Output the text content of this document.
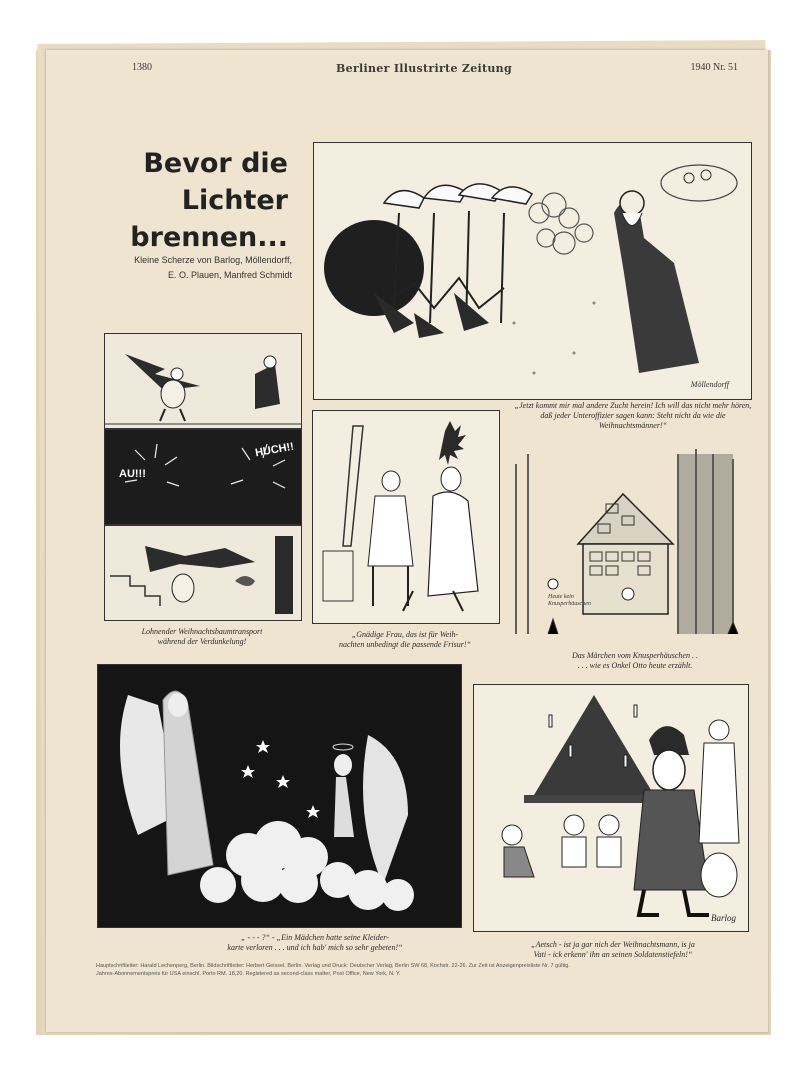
1380	Berliner Illustrirte Zeitung	1940 Nr. 51
Bevor die
Lichter
brennen...
Kleine Scherze von Barlog, Möllendorff,
E. O. Plauen, Manfred Schmidt
Möllendorff
„Jetzt kommt mir mal andere Zucht herein! Ich will das nicht mehr hören, daß jeder Unteroffizier sagen kann: Steht nicht da wie die Weihnachtsmänner!“
AU!!!
HUCH!!
Lohnender Weihnachtsbaumtransport
während der Verdunkelung!
„Gnädige Frau, das ist für Weih-
nachten unbedingt die passende Frisur!“
Heute kein Knusperhäuschen
Das Märchen vom Knusperhäuschen . .
. . . wie es Onkel Otto heute erzählt.
„ - - - ?“ - „Ein Mädchen hatte seine Kleider-
karte verloren . . . und ich hab' mich so sehr gebeten!“
Barlog
„Aetsch - ist ja gar nich der Weihnachtsmann, is ja
Vati - ick erkenn' ihn an seinen Soldatenstiefeln!“
Hauptschriftleiter: Harald Lechenperg, Berlin. Bildschriftleiter: Herbert Geissel, Berlin. Verlag und Druck: Deutscher Verlag, Berlin SW 68, Kochstr. 22-26. Zur Zeit ist Anzeigenpreisliste Nr. 7 gültig.
Jahres-Abonnementspreis für USA einschl. Porto RM. 18,20. Registered as second-class matter, Post Office, New York, N. Y.
